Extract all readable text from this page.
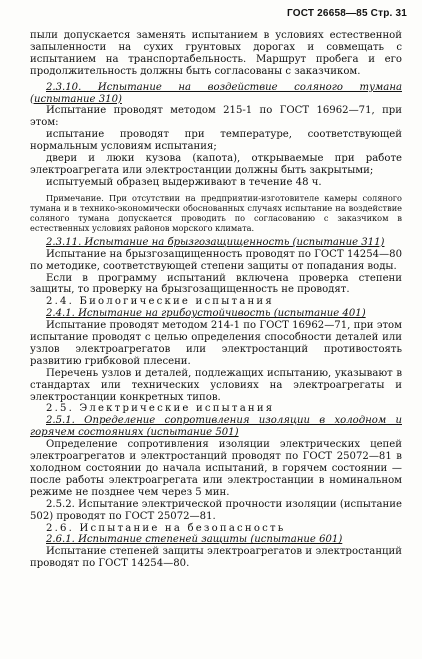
ГОСТ 26658—85 Стр. 31

пыли допускается заменять испытанием в условиях естественной запыленности на сухих грунтовых дорогах и совмещать с испытанием на транспортабельность. Маршрут пробега и его продолжительность должны быть согласованы с заказчиком.

2.3.10. Испытание на воздействие соляного тумана (испытание 310)

Испытание проводят методом 215-1 по ГОСТ 16962—71, при этом:

испытание проводят при температуре, соответствующей нормальным условиям испытания;

двери и люки кузова (капота), открываемые при работе электроагрегата или электростанции должны быть закрытыми;

испытуемый образец выдерживают в течение 48 ч.

Примечание. При отсутствии на предприятии-изготовителе камеры соляного тумана и в технико-экономически обоснованных случаях испытание на воздействие соляного тумана допускается проводить по согласованию с заказчиком в естественных условиях районов морского климата.

2.3.11. Испытание на брызгозащищенность (испытание 311)

Испытание на брызгозащищенность проводят по ГОСТ 14254—80 по методике, соответствующей степени защиты от попадания воды.

Если в программу испытаний включена проверка степени защиты, то проверку на брызгозащищенность не проводят.

2.4. Биологические испытания

2.4.1. Испытание на грибоустойчивость (испытание 401)

Испытание проводят методом 214-1 по ГОСТ 16962—71, при этом испытание проводят с целью определения способности деталей или узлов электроагрегатов или электростанций противостоять развитию грибковой плесени.

Перечень узлов и деталей, подлежащих испытанию, указывают в стандартах или технических условиях на электроагрегаты и электростанции конкретных типов.

2.5. Электрические испытания

2.5.1. Определение сопротивления изоляции в холодном и горячем состояниях (испытание 501)

Определение сопротивления изоляции электрических цепей электроагрегатов и электростанций проводят по ГОСТ 25072—81 в холодном состоянии до начала испытаний, в горячем состоянии — после работы электроагрегата или электростанции в номинальном режиме не позднее чем через 5 мин.

2.5.2. Испытание электрической прочности изоляции (испытание 502) проводят по ГОСТ 25072—81.

2.6. Испытание на безопасность

2.6.1. Испытание степеней защиты (испытание 601)

Испытание степеней защиты электроагрегатов и электростанций проводят по ГОСТ 14254—80.
